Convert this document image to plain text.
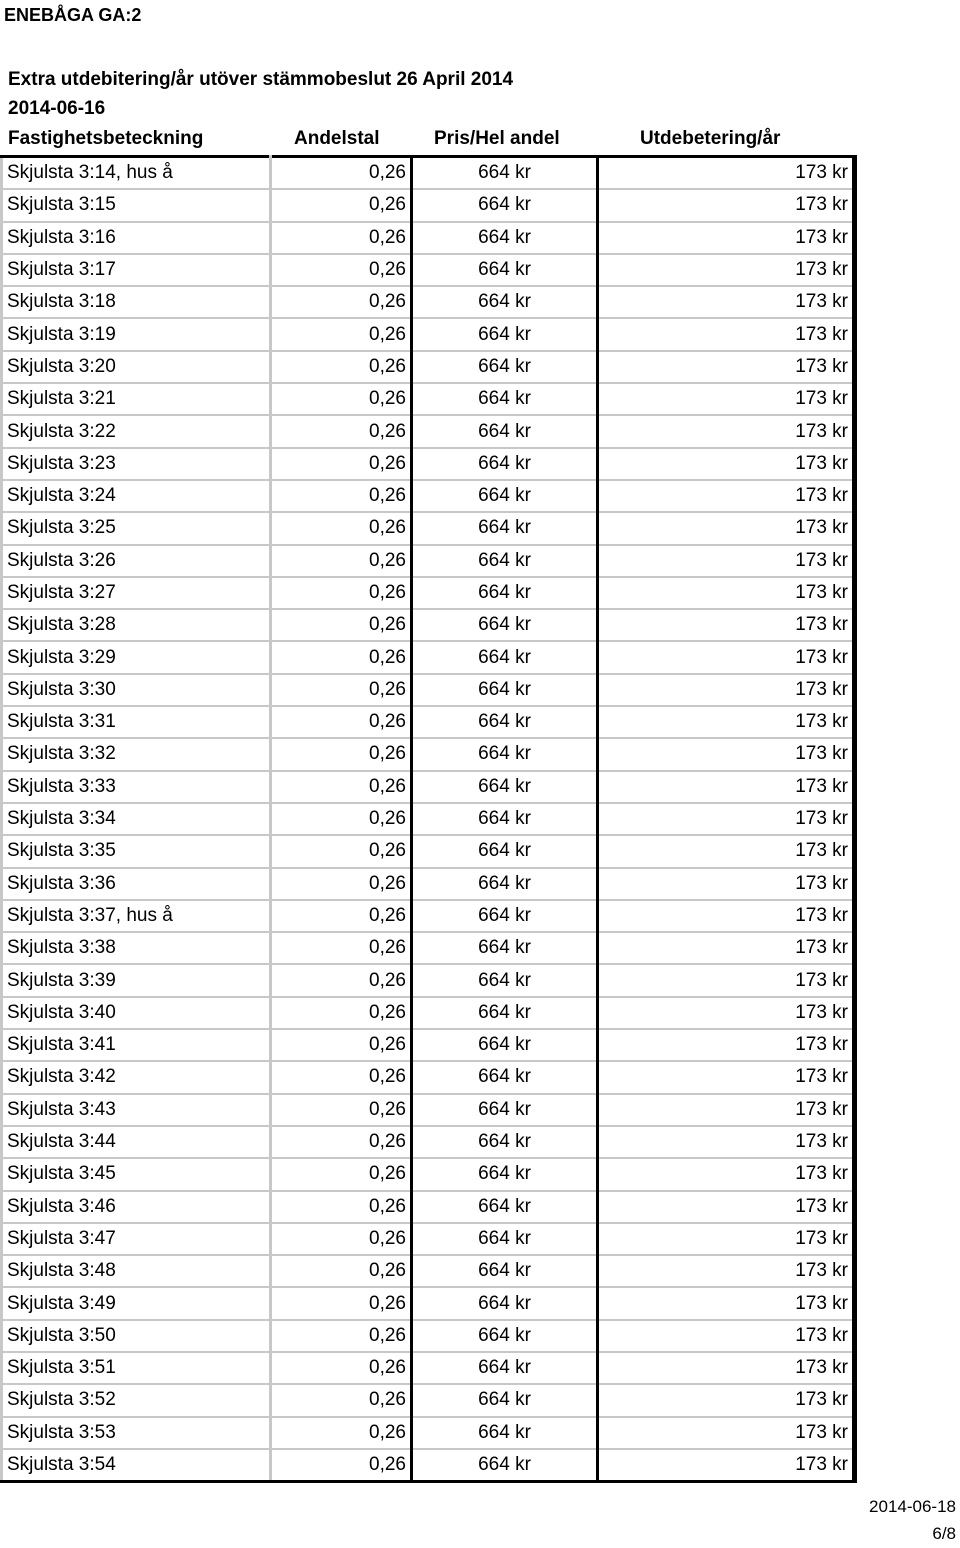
ENEBÅGA GA:2
Extra utdebitering/år utöver stämmobeslut 26 April 2014
2014-06-16
Fastighetsbeteckning	Andelstal	Pris/Hel andel	Utdebetering/år
Skjulsta 3:14, hus å	0,26	664 kr	173 kr
Skjulsta 3:15	0,26	664 kr	173 kr
Skjulsta 3:16	0,26	664 kr	173 kr
Skjulsta 3:17	0,26	664 kr	173 kr
Skjulsta 3:18	0,26	664 kr	173 kr
Skjulsta 3:19	0,26	664 kr	173 kr
Skjulsta 3:20	0,26	664 kr	173 kr
Skjulsta 3:21	0,26	664 kr	173 kr
Skjulsta 3:22	0,26	664 kr	173 kr
Skjulsta 3:23	0,26	664 kr	173 kr
Skjulsta 3:24	0,26	664 kr	173 kr
Skjulsta 3:25	0,26	664 kr	173 kr
Skjulsta 3:26	0,26	664 kr	173 kr
Skjulsta 3:27	0,26	664 kr	173 kr
Skjulsta 3:28	0,26	664 kr	173 kr
Skjulsta 3:29	0,26	664 kr	173 kr
Skjulsta 3:30	0,26	664 kr	173 kr
Skjulsta 3:31	0,26	664 kr	173 kr
Skjulsta 3:32	0,26	664 kr	173 kr
Skjulsta 3:33	0,26	664 kr	173 kr
Skjulsta 3:34	0,26	664 kr	173 kr
Skjulsta 3:35	0,26	664 kr	173 kr
Skjulsta 3:36	0,26	664 kr	173 kr
Skjulsta 3:37, hus å	0,26	664 kr	173 kr
Skjulsta 3:38	0,26	664 kr	173 kr
Skjulsta 3:39	0,26	664 kr	173 kr
Skjulsta 3:40	0,26	664 kr	173 kr
Skjulsta 3:41	0,26	664 kr	173 kr
Skjulsta 3:42	0,26	664 kr	173 kr
Skjulsta 3:43	0,26	664 kr	173 kr
Skjulsta 3:44	0,26	664 kr	173 kr
Skjulsta 3:45	0,26	664 kr	173 kr
Skjulsta 3:46	0,26	664 kr	173 kr
Skjulsta 3:47	0,26	664 kr	173 kr
Skjulsta 3:48	0,26	664 kr	173 kr
Skjulsta 3:49	0,26	664 kr	173 kr
Skjulsta 3:50	0,26	664 kr	173 kr
Skjulsta 3:51	0,26	664 kr	173 kr
Skjulsta 3:52	0,26	664 kr	173 kr
Skjulsta 3:53	0,26	664 kr	173 kr
Skjulsta 3:54	0,26	664 kr	173 kr
2014-06-18
6/8
